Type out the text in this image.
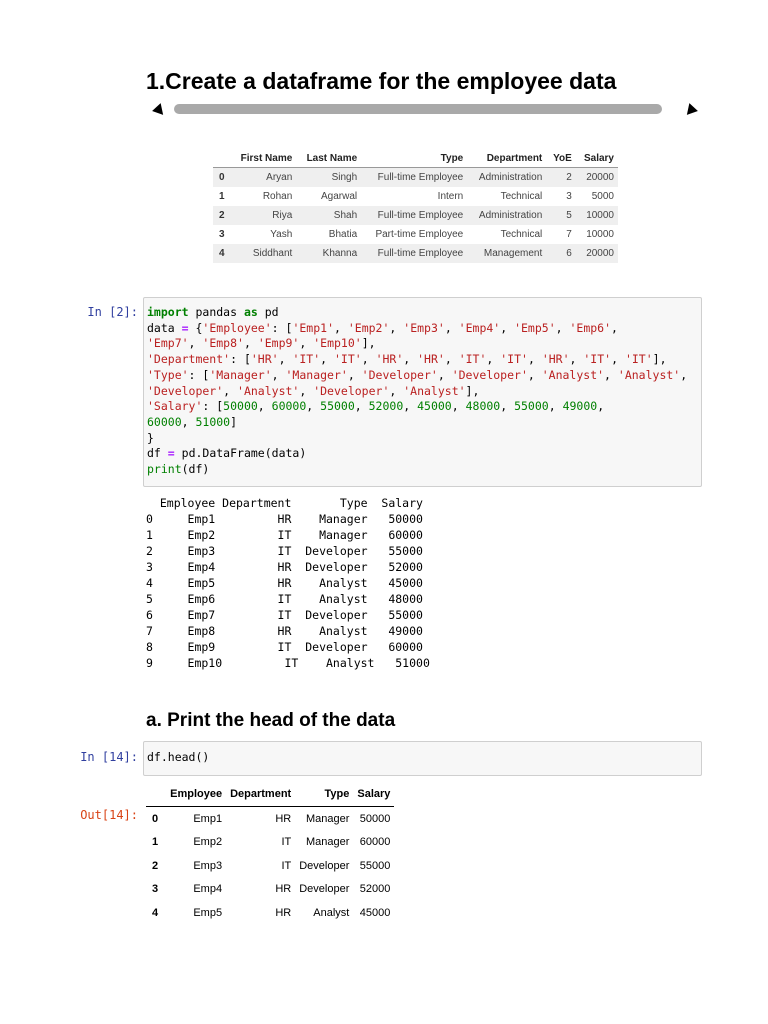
1.Create a dataframe for the employee data
	First Name	Last Name	Type	Department	YoE	Salary
0	Aryan	Singh	Full-time Employee	Administration	2	20000
1	Rohan	Agarwal	Intern	Technical	3	5000
2	Riya	Shah	Full-time Employee	Administration	5	10000
3	Yash	Bhatia	Part-time Employee	Technical	7	10000
4	Siddhant	Khanna	Full-time Employee	Management	6	20000
In [2]: import pandas as pd
data = {'Employee': ['Emp1', 'Emp2', 'Emp3', 'Emp4', 'Emp5', 'Emp6',
'Emp7', 'Emp8', 'Emp9', 'Emp10'],
'Department': ['HR', 'IT', 'IT', 'HR', 'HR', 'IT', 'IT', 'HR', 'IT', 'IT'],
'Type': ['Manager', 'Manager', 'Developer', 'Developer', 'Analyst', 'Analyst',
'Developer', 'Analyst', 'Developer', 'Analyst'],
'Salary': [50000, 60000, 55000, 52000, 45000, 48000, 55000, 49000,
60000, 51000]
}
df = pd.DataFrame(data)
print(df)
Employee Department       Type  Salary
0     Emp1         HR    Manager   50000
1     Emp2         IT    Manager   60000
2     Emp3         IT  Developer   55000
3     Emp4         HR  Developer   52000
4     Emp5         HR    Analyst   45000
5     Emp6         IT    Analyst   48000
6     Emp7         IT  Developer   55000
7     Emp8         HR    Analyst   49000
8     Emp9         IT  Developer   60000
9     Emp10         IT    Analyst   51000
a. Print the head of the data
In [14]: df.head()
Out[14]:
	Employee	Department	Type	Salary
0	Emp1	HR	Manager	50000
1	Emp2	IT	Manager	60000
2	Emp3	IT	Developer	55000
3	Emp4	HR	Developer	52000
4	Emp5	HR	Analyst	45000
